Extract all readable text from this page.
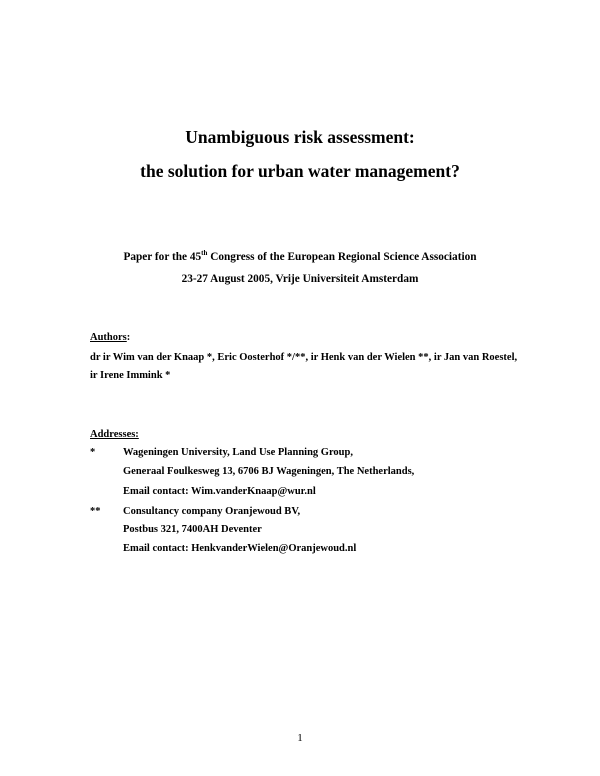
Unambiguous risk assessment:

the solution for urban water management?

Paper for the 45th Congress of the European Regional Science Association

23-27 August 2005, Vrije Universiteit Amsterdam

Authors:

dr ir Wim van der Knaap *, Eric Oosterhof */**, ir Henk van der Wielen **, ir Jan van Roestel, ir Irene Immink *

Addresses:

*	Wageningen University, Land Use Planning Group,

Generaal Foulkesweg 13, 6706 BJ Wageningen, The Netherlands,

Email contact: Wim.vanderKnaap@wur.nl

** Consultancy company Oranjewoud BV,

Postbus 321, 7400AH Deventer

Email contact: HenkvanderWielen@Oranjewoud.nl

1
